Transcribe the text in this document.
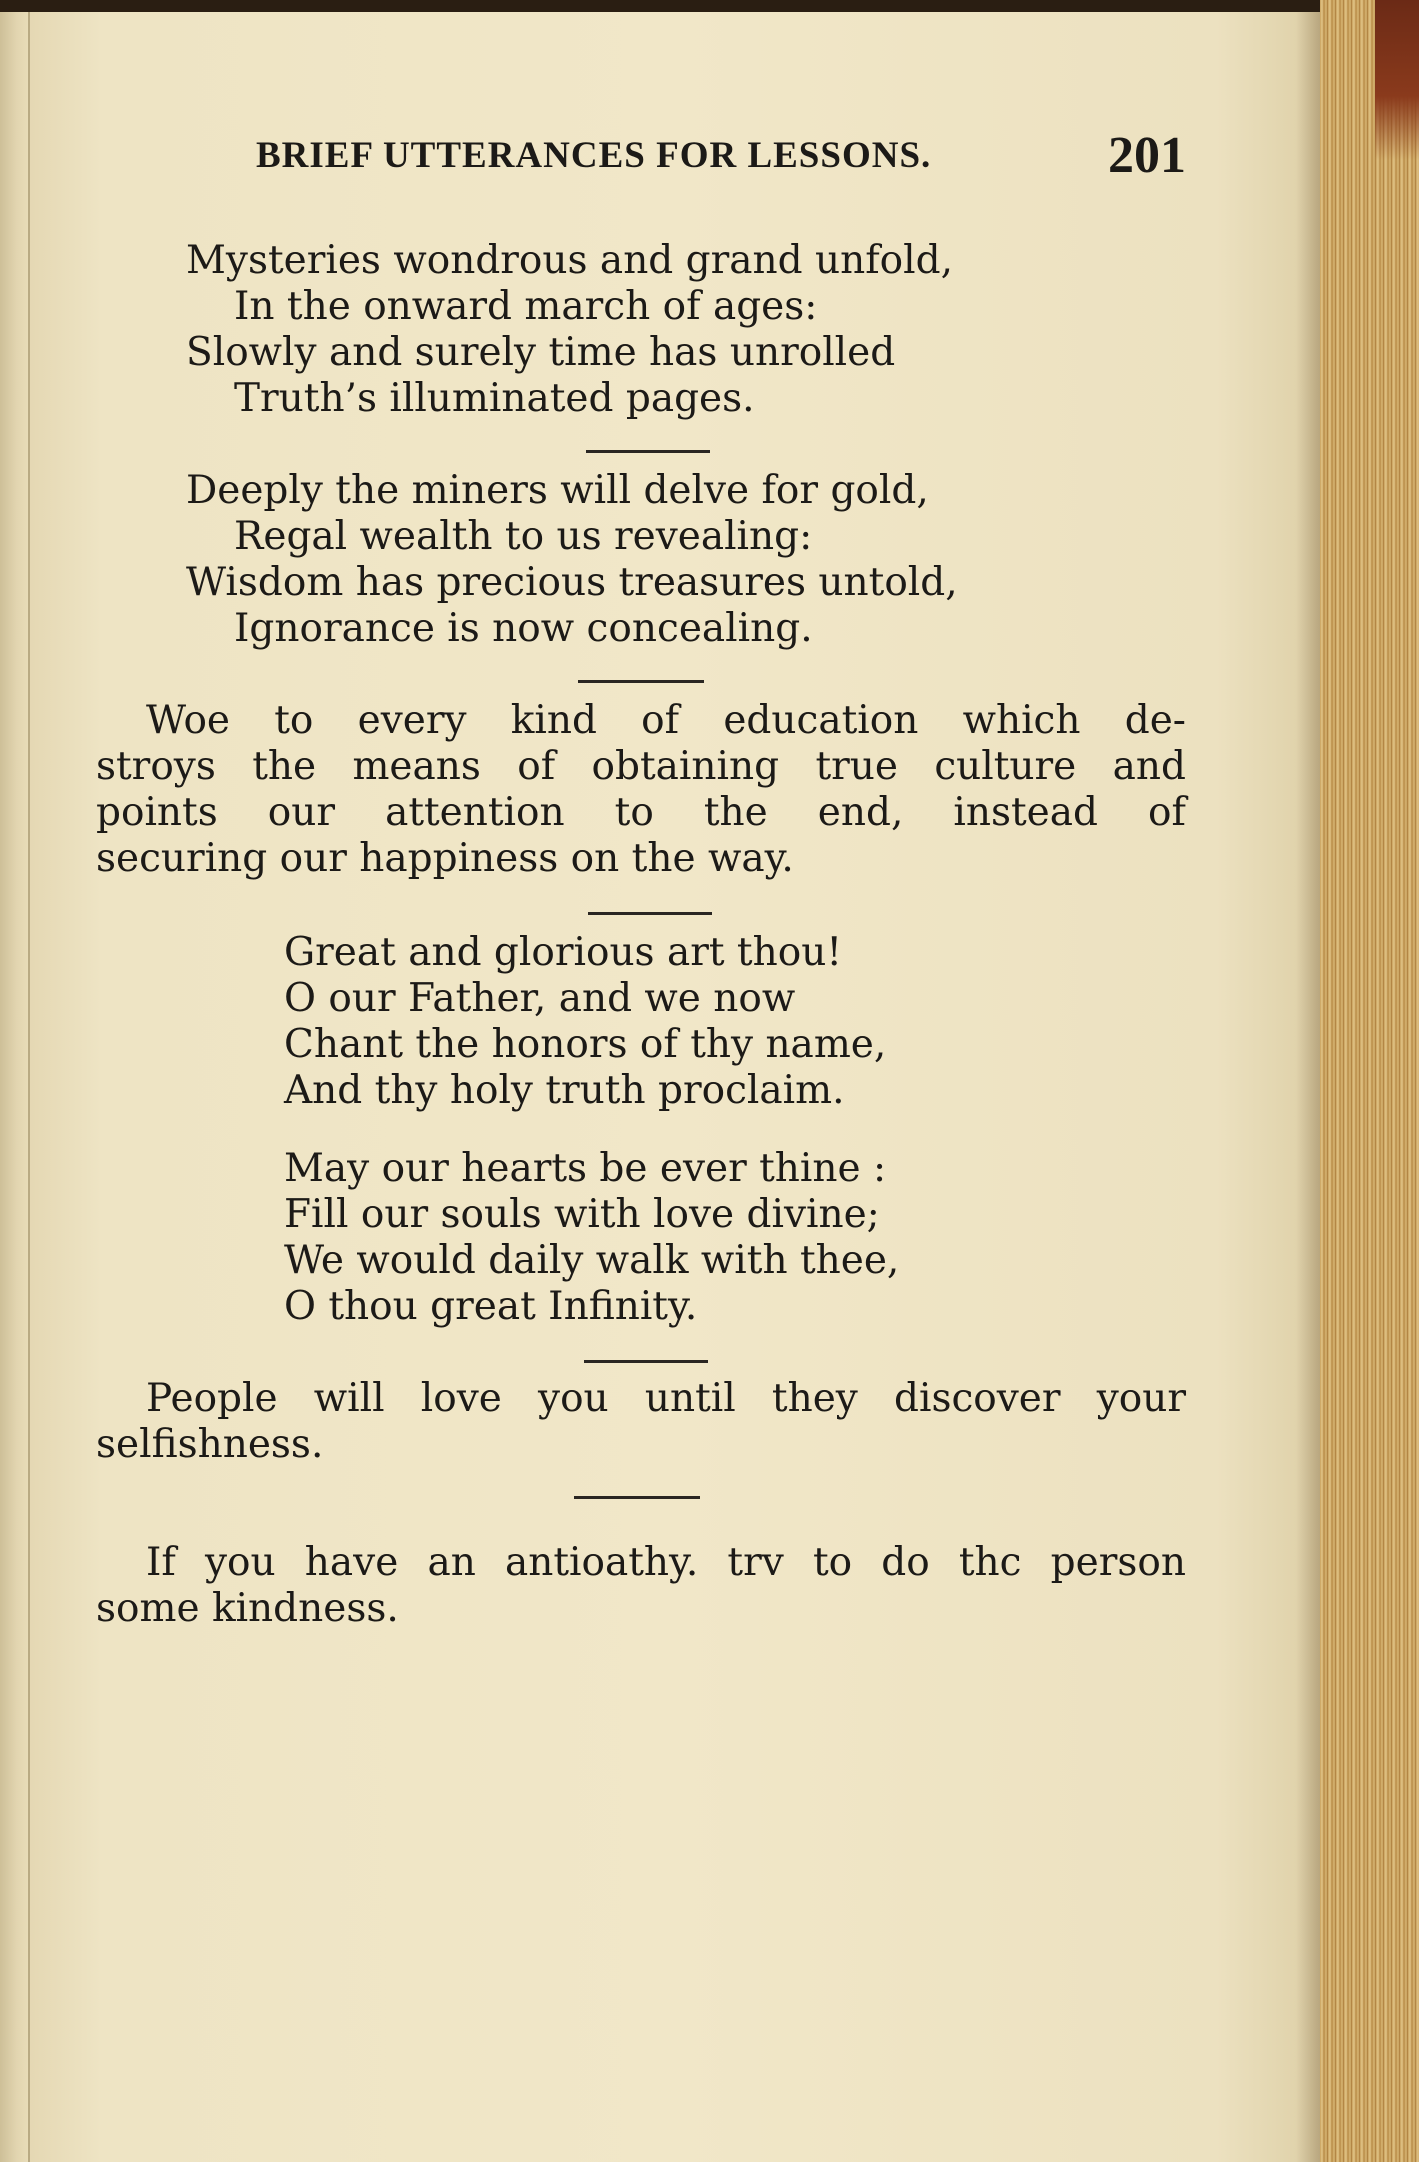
BRIEF UTTERANCES FOR LESSONS.	201
Mysteries wondrous and grand unfold,
In the onward march of ages:
Slowly and surely time has unrolled
Truth’s illuminated pages.
Deeply the miners will delve for gold,
Regal wealth to us revealing:
Wisdom has precious treasures untold,
Ignorance is now concealing.
Woe to every kind of education which de-
stroys the means of obtaining true culture and
points our attention to the end, instead of
securing our happiness on the way.
Great and glorious art thou!
O our Father, and we now
Chant the honors of thy name,
And thy holy truth proclaim.
May our hearts be ever thine :
Fill our souls with love divine;
We would daily walk with thee,
O thou great Infinity.
People will love you until they discover your
selfishness.
If you have an antiоathy. trv to do thc person
some kindness.
